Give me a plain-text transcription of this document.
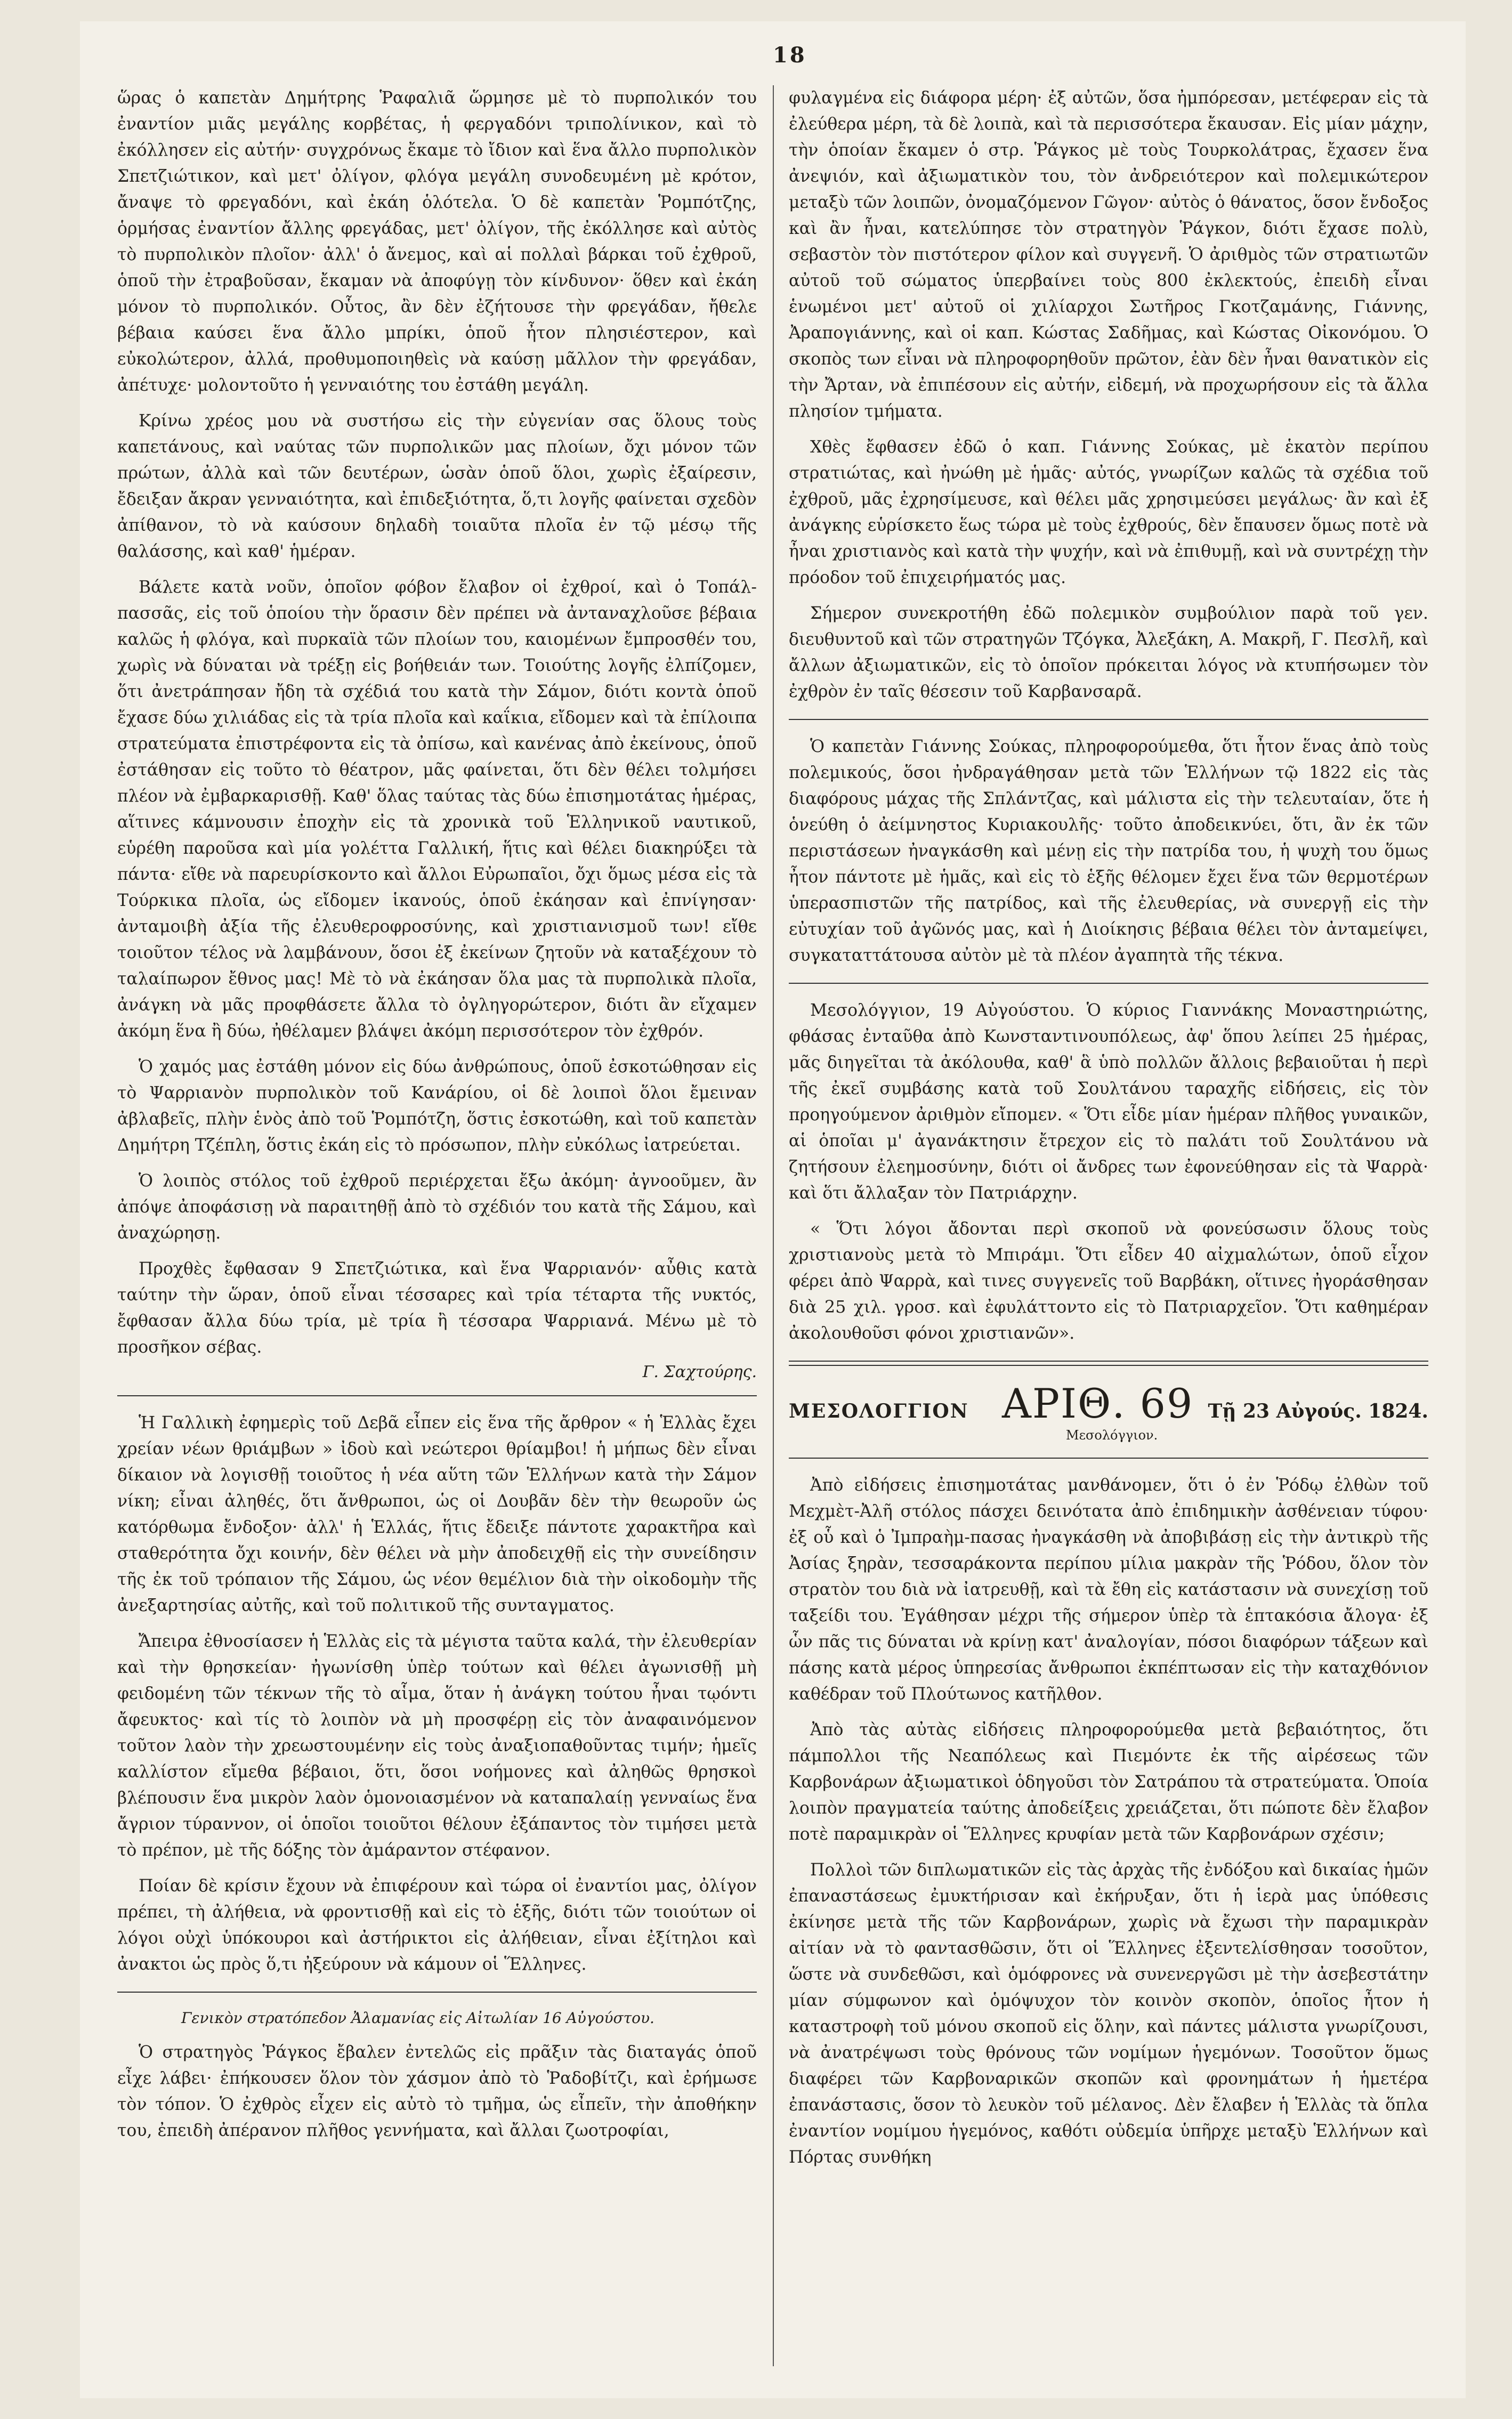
18

ὥρας ὁ καπετὰν Δημήτρης Ῥαφαλιᾶ ὥρμησε μὲ τὸ πυρπολικόν του ἐναντίον μιᾶς μεγάλης κορβέτας, ἡ φεργαδόνι τριπολίνικον, καὶ τὸ ἐκόλλησεν εἰς αὐτήν· συγχρόνως ἔκαμε τὸ ἴδιον καὶ ἕνα ἄλλο πυρπολικὸν Σπετζιώτικον, καὶ μετ' ὀλίγον, φλόγα μεγάλη συνοδευμένη μὲ κρότον, ἄναψε τὸ φρεγαδόνι, καὶ ἐκάη ὁλότελα. Ὁ δὲ καπετὰν Ῥομπότζης, ὁρμήσας ἐναντίον ἄλλης φρεγάδας, μετ' ὀλίγον, τῆς ἐκόλλησε καὶ αὐτὸς τὸ πυρπολικὸν πλοῖον· ἀλλ' ὁ ἄνεμος, καὶ αἱ πολλαὶ βάρκαι τοῦ ἐχθροῦ, ὁποῦ τὴν ἐτραβοῦσαν, ἔκαμαν νὰ ἀποφύγῃ τὸν κίνδυνον· ὅθεν καὶ ἐκάη μόνον τὸ πυρπολικόν. Οὗτος, ἂν δὲν ἐζήτουσε τὴν φρεγάδαν, ἤθελε βέβαια καύσει ἕνα ἄλλο μπρίκι, ὁποῦ ἦτον πλησιέστερον, καὶ εὐκολώτερον, ἀλλά, προθυμοποιηθεὶς νὰ καύσῃ μᾶλλον τὴν φρεγάδαν, ἀπέτυχε· μολοντοῦτο ἡ γενναιότης του ἐστάθη μεγάλη.

Κρίνω χρέος μου νὰ συστήσω εἰς τὴν εὐγενίαν σας ὅλους τοὺς καπετάνους, καὶ ναύτας τῶν πυρπολικῶν μας πλοίων, ὄχι μόνον τῶν πρώτων, ἀλλὰ καὶ τῶν δευτέρων, ὡσὰν ὁποῦ ὅλοι, χωρὶς ἐξαίρεσιν, ἔδειξαν ἄκραν γενναιότητα, καὶ ἐπιδεξιότητα, ὅ,τι λογῆς φαίνεται σχεδὸν ἀπίθανον, τὸ νὰ καύσουν δηλαδὴ τοιαῦτα πλοῖα ἐν τῷ μέσῳ τῆς θαλάσσης, καὶ καθ' ἡμέραν.

Βάλετε κατὰ νοῦν, ὁποῖον φόβον ἔλαβον οἱ ἐχθροί, καὶ ὁ Τοπάλ-πασσᾶς, εἰς τοῦ ὁποίου τὴν ὅρασιν δὲν πρέπει νὰ ἀνταναχλοῦσε βέβαια καλῶς ἡ φλόγα, καὶ πυρκαϊὰ τῶν πλοίων του, καιομένων ἔμπροσθέν του, χωρὶς νὰ δύναται νὰ τρέξῃ εἰς βοήθειάν των. Τοιούτης λογῆς ἐλπίζομεν, ὅτι ἀνετράπησαν ἤδη τὰ σχέδιά του κατὰ τὴν Σάμον, διότι κοντὰ ὁποῦ ἔχασε δύω χιλιάδας εἰς τὰ τρία πλοῖα καὶ καΐκια, εἴδομεν καὶ τὰ ἐπίλοιπα στρατεύματα ἐπιστρέφοντα εἰς τὰ ὀπίσω, καὶ κανένας ἀπὸ ἐκείνους, ὁποῦ ἐστάθησαν εἰς τοῦτο τὸ θέατρον, μᾶς φαίνεται, ὅτι δὲν θέλει τολμήσει πλέον νὰ ἐμβαρκαρισθῇ. Καθ' ὅλας ταύτας τὰς δύω ἐπισημοτάτας ἡμέρας, αἵτινες κάμνουσιν ἐποχὴν εἰς τὰ χρονικὰ τοῦ Ἑλληνικοῦ ναυτικοῦ, εὑρέθη παροῦσα καὶ μία γολέττα Γαλλική, ἥτις καὶ θέλει διακηρύξει τὰ πάντα· εἴθε νὰ παρευρίσκοντο καὶ ἄλλοι Εὐρωπαῖοι, ὄχι ὅμως μέσα εἰς τὰ Τούρκικα πλοῖα, ὡς εἴδομεν ἱκανούς, ὁποῦ ἐκάησαν καὶ ἐπνίγησαν· ἀνταμοιβὴ ἀξία τῆς ἐλευθεροφροσύνης, καὶ χριστιανισμοῦ των! εἴθε τοιοῦτον τέλος νὰ λαμβάνουν, ὅσοι ἐξ ἐκείνων ζητοῦν νὰ καταξέχουν τὸ ταλαίπωρον ἔθνος μας! Μὲ τὸ νὰ ἐκάησαν ὅλα μας τὰ πυρπολικὰ πλοῖα, ἀνάγκη νὰ μᾶς προφθάσετε ἄλλα τὸ ὀγληγορώτερον, διότι ἂν εἴχαμεν ἀκόμη ἕνα ἢ δύω, ἠθέλαμεν βλάψει ἀκόμη περισσότερον τὸν ἐχθρόν.

Ὁ χαμός μας ἐστάθη μόνον εἰς δύω ἀνθρώπους, ὁποῦ ἐσκοτώθησαν εἰς τὸ Ψαρριανὸν πυρπολικὸν τοῦ Κανάρίου, οἱ δὲ λοιποὶ ὅλοι ἔμειναν ἀβλαβεῖς, πλὴν ἑνὸς ἀπὸ τοῦ Ῥομπότζη, ὅστις ἐσκοτώθη, καὶ τοῦ καπετὰν Δημήτρη Τζέπλη, ὅστις ἐκάη εἰς τὸ πρόσωπον, πλὴν εὐκόλως ἰατρεύεται.

Ὁ λοιπὸς στόλος τοῦ ἐχθροῦ περιέρχεται ἔξω ἀκόμη· ἀγνοοῦμεν, ἂν ἀπόψε ἀποφάσισῃ νὰ παραιτηθῇ ἀπὸ τὸ σχέδιόν του κατὰ τῆς Σάμου, καὶ ἀναχώρησῃ.

Προχθὲς ἔφθασαν 9 Σπετζιώτικα, καὶ ἕνα Ψαρριανόν· αὖθις κατὰ ταύτην τὴν ὥραν, ὁποῦ εἶναι τέσσαρες καὶ τρία τέταρτα τῆς νυκτός, ἔφθασαν ἄλλα δύω τρία, μὲ τρία ἢ τέσσαρα Ψαρριανά. Μένω μὲ τὸ προσῆκον σέβας.

Γ. Σαχτούρης.

Ἡ Γαλλικὴ ἐφημερὶς τοῦ Δεβᾶ εἶπεν εἰς ἕνα τῆς ἄρθρον « ἡ Ἑλλὰς ἔχει χρείαν νέων θριάμβων » ἰδοὺ καὶ νεώτεροι θρίαμβοι! ἡ μήπως δὲν εἶναι δίκαιον νὰ λογισθῇ τοιοῦτος ἡ νέα αὕτη τῶν Ἑλλήνων κατὰ τὴν Σάμον νίκη; εἶναι ἀληθές, ὅτι ἄνθρωποι, ὡς οἱ Δουβᾶν δὲν τὴν θεωροῦν ὡς κατόρθωμα ἔνδοξον· ἀλλ' ἡ Ἑλλάς, ἥτις ἔδειξε πάντοτε χαρακτῆρα καὶ σταθερότητα ὄχι κοινήν, δὲν θέλει νὰ μὴν ἀποδειχθῇ εἰς τὴν συνείδησιν τῆς ἐκ τοῦ τρόπαιον τῆς Σάμου, ὡς νέον θεμέλιον διὰ τὴν οἰκοδομὴν τῆς ἀνεξαρτησίας αὐτῆς, καὶ τοῦ πολιτικοῦ τῆς συνταγματος.

Ἄπειρα ἐθνοσίασεν ἡ Ἑλλὰς εἰς τὰ μέγιστα ταῦτα καλά, τὴν ἐλευθερίαν καὶ τὴν θρησκείαν· ἠγωνίσθη ὑπὲρ τούτων καὶ θέλει ἀγωνισθῇ μὴ φειδομένη τῶν τέκνων τῆς τὸ αἷμα, ὅταν ἡ ἀνάγκη τούτου ἦναι τῳόντι ἄφευκτος· καὶ τίς τὸ λοιπὸν νὰ μὴ προσφέρῃ εἰς τὸν ἀναφαινόμενον τοῦτον λαὸν τὴν χρεωστουμένην εἰς τοὺς ἀναξιοπαθοῦντας τιμήν; ἡμεῖς καλλίστον εἴμεθα βέβαιοι, ὅτι, ὅσοι νοήμονες καὶ ἀληθῶς θρησκοὶ βλέπουσιν ἕνα μικρὸν λαὸν ὁμονοιασμένον νὰ καταπαλαίῃ γενναίως ἕνα ἄγριον τύραννον, οἱ ὁποῖοι τοιοῦτοι θέλουν ἐξάπαντος τὸν τιμήσει μετὰ τὸ πρέπον, μὲ τῆς δόξης τὸν ἀμάραντον στέφανον.

Ποίαν δὲ κρίσιν ἔχουν νὰ ἐπιφέρουν καὶ τώρα οἱ ἐναντίοι μας, ὀλίγον πρέπει, τὴ ἀλήθεια, νὰ φροντισθῇ καὶ εἰς τὸ ἑξῆς, διότι τῶν τοιούτων οἱ λόγοι οὐχὶ ὑπόκουροι καὶ ἀστήρικτοι εἰς ἀλήθειαν, εἶναι ἐξίτηλοι καὶ ἀνακτοι ὡς πρὸς ὅ,τι ἠξεύρουν νὰ κάμουν οἱ Ἕλληνες.

Γενικὸν στρατόπεδον Ἀλαμανίας εἰς Αἰτωλίαν 16 Αὐγούστου.

Ὁ στρατηγὸς Ῥάγκος ἔβαλεν ἐντελῶς εἰς πρᾶξιν τὰς διαταγάς ὁποῦ εἶχε λάβει· ἐπήκουσεν ὅλον τὸν χάσμον ἀπὸ τὸ Ῥαδοβίτζι, καὶ ἐρήμωσε τὸν τόπον. Ὁ ἐχθρὸς εἶχεν εἰς αὐτὸ τὸ τμῆμα, ὡς εἶπεῖν, τὴν ἀποθήκην του, ἐπειδὴ ἀπέρανον πλῆθος γεννήματα, καὶ ἄλλαι ζωοτροφίαι,

φυλαγμένα εἰς διάφορα μέρη· ἐξ αὐτῶν, ὅσα ἠμπόρεσαν, μετέφεραν εἰς τὰ ἐλεύθερα μέρη, τὰ δὲ λοιπὰ, καὶ τὰ περισσότερα ἔκαυσαν. Εἰς μίαν μάχην, τὴν ὁποίαν ἔκαμεν ὁ στρ. Ῥάγκος μὲ τοὺς Τουρκολάτρας, ἔχασεν ἕνα ἀνεψιόν, καὶ ἀξιωματικὸν του, τὸν ἀνδρειότερον καὶ πολεμικώτερον μεταξὺ τῶν λοιπῶν, ὀνομαζόμενον Γῶγον· αὐτὸς ὁ θάνατος, ὅσον ἔνδοξος καὶ ἂν ἦναι, κατελύπησε τὸν στρατηγὸν Ῥάγκον, διότι ἔχασε πολὺ, σεβαστὸν τὸν πιστότερον φίλον καὶ συγγενῆ. Ὁ ἀριθμὸς τῶν στρατιωτῶν αὐτοῦ τοῦ σώματος ὑπερβαίνει τοὺς 800 ἐκλεκτούς, ἐπειδὴ εἶναι ἑνωμένοι μετ' αὐτοῦ οἱ χιλίαρχοι Σωτῆρος Γκοτζαμάνης, Γιάννης, Ἀραπογιάννης, καὶ οἱ καπ. Κώστας Σαδῆμας, καὶ Κώστας Οἰκονόμου. Ὁ σκοπὸς των εἶναι νὰ πληροφορηθοῦν πρῶτον, ἐὰν δὲν ἦναι θανατικὸν εἰς τὴν Ἄρταν, νὰ ἐπιπέσουν εἰς αὐτήν, εἰδεμή, νὰ προχωρήσουν εἰς τὰ ἄλλα πλησίον τμήματα.

Χθὲς ἔφθασεν ἐδῶ ὁ καπ. Γιάννης Σούκας, μὲ ἑκατὸν περίπου στρατιώτας, καὶ ἠνώθη μὲ ἡμᾶς· αὐτός, γνωρίζων καλῶς τὰ σχέδια τοῦ ἐχθροῦ, μᾶς ἐχρησίμευσε, καὶ θέλει μᾶς χρησιμεύσει μεγάλως· ἂν καὶ ἐξ ἀνάγκης εὑρίσκετο ἕως τώρα μὲ τοὺς ἐχθρούς, δὲν ἔπαυσεν ὅμως ποτὲ νὰ ἦναι χριστιανὸς καὶ κατὰ τὴν ψυχήν, καὶ νὰ ἐπιθυμῇ, καὶ νὰ συντρέχῃ τὴν πρόοδον τοῦ ἐπιχειρήματός μας.

Σήμερον συνεκροτήθη ἐδῶ πολεμικὸν συμβούλιον παρὰ τοῦ γεν. διευθυντοῦ καὶ τῶν στρατηγῶν Τζόγκα, Ἀλεξάκη, Α. Μακρῆ, Γ. Πεσλῆ, καὶ ἄλλων ἀξιωματικῶν, εἰς τὸ ὁποῖον πρόκειται λόγος νὰ κτυπήσωμεν τὸν ἐχθρὸν ἐν ταῖς θέσεσιν τοῦ Καρβανσαρᾶ.

Ὁ καπετὰν Γιάννης Σούκας, πληροφορούμεθα, ὅτι ἦτον ἕνας ἀπὸ τοὺς πολεμικούς, ὅσοι ἠνδραγάθησαν μετὰ τῶν Ἑλλήνων τῷ 1822 εἰς τὰς διαφόρους μάχας τῆς Σπλάντζας, καὶ μάλιστα εἰς τὴν τελευταίαν, ὅτε ἡ ὁνεύθη ὁ ἀείμνηστος Κυριακουλῆς· τοῦτο ἀποδεικνύει, ὅτι, ἂν ἐκ τῶν περιστάσεων ἠναγκάσθη καὶ μένῃ εἰς τὴν πατρίδα του, ἡ ψυχὴ του ὅμως ἦτον πάντοτε μὲ ἡμᾶς, καὶ εἰς τὸ ἑξῆς θέλομεν ἔχει ἕνα τῶν θερμοτέρων ὑπερασπιστῶν τῆς πατρίδος, καὶ τῆς ἐλευθερίας, νὰ συνεργῇ εἰς τὴν εὐτυχίαν τοῦ ἀγῶνός μας, καὶ ἡ Διοίκησις βέβαια θέλει τὸν ἀνταμείψει, συγκαταττάτουσα αὐτὸν μὲ τὰ πλέον ἀγαπητὰ τῆς τέκνα.

Μεσολόγγιον, 19 Αὐγούστου. Ὁ κύριος Γιαννάκης Μοναστηριώτης, φθάσας ἐνταῦθα ἀπὸ Κωνσταντινουπόλεως, ἀφ' ὅπου λείπει 25 ἡμέρας, μᾶς διηγεῖται τὰ ἀκόλουθα, καθ' ἃ ὑπὸ πολλῶν ἄλλοις βεβαιοῦται ἡ περὶ τῆς ἐκεῖ συμβάσης κατὰ τοῦ Σουλτάνου ταραχῆς εἰδήσεις, εἰς τὸν προηγούμενον ἀριθμὸν εἴπομεν. « Ὅτι εἶδε μίαν ἡμέραν πλῆθος γυναικῶν, αἱ ὁποῖαι μ' ἀγανάκτησιν ἔτρεχον εἰς τὸ παλάτι τοῦ Σουλτάνου νὰ ζητήσουν ἐλεημοσύνην, διότι οἱ ἄνδρες των ἐφονεύθησαν εἰς τὰ Ψαρρὰ· καὶ ὅτι ἄλλαξαν τὸν Πατριάρχην.

« Ὅτι λόγοι ἄδονται περὶ σκοποῦ νὰ φονεύσωσιν ὅλους τοὺς χριστιανοὺς μετὰ τὸ Μπιράμι. Ὅτι εἶδεν 40 αἰχμαλώτων, ὁποῦ εἶχον φέρει ἀπὸ Ψαρρὰ, καὶ τινες συγγενεῖς τοῦ Βαρβάκη, οἵτινες ἠγοράσθησαν διὰ 25 χιλ. γροσ. καὶ ἐφυλάττοντο εἰς τὸ Πατριαρχεῖον. Ὅτι καθημέραν ἀκολουθοῦσι φόνοι χριστιανῶν».

ΜΕΣΟΛΟΓΓΙΟΝ ΑΡΙΘ. 69 Τῇ 23 Αὐγούς. 1824.
Μεσολόγγιον.

Ἀπὸ εἰδήσεις ἐπισημοτάτας μανθάνομεν, ὅτι ὁ ἐν Ῥόδῳ ἐλθὼν τοῦ Μεχμὲτ-Ἀλῆ στόλος πάσχει δεινότατα ἀπὸ ἐπιδημικὴν ἀσθένειαν τύφου· ἐξ οὗ καὶ ὁ Ἰμπραὴμ-πασας ἠναγκάσθη νὰ ἀποβιβάσῃ εἰς τὴν ἀντικρὺ τῆς Ἀσίας ξηρὰν, τεσσαράκοντα περίπου μίλια μακρὰν τῆς Ῥόδου, ὅλον τὸν στρατὸν του διὰ νὰ ἰατρευθῇ, καὶ τὰ ἔθη εἰς κατάστασιν νὰ συνεχίσῃ τοῦ ταξείδι του. Ἐγάθησαν μέχρι τῆς σήμερον ὑπὲρ τὰ ἑπτακόσια ἄλογα· ἐξ ὧν πᾶς τις δύναται νὰ κρίνῃ κατ' ἀναλογίαν, πόσοι διαφόρων τάξεων καὶ πάσης κατὰ μέρος ὑπηρεσίας ἄνθρωποι ἐκπέπτωσαν εἰς τὴν καταχθόνιον καθέδραν τοῦ Πλούτωνος κατῆλθον.

Ἀπὸ τὰς αὐτὰς εἰδήσεις πληροφορούμεθα μετὰ βεβαιότητος, ὅτι πάμπολλοι τῆς Νεαπόλεως καὶ Πιεμόντε ἐκ τῆς αἱρέσεως τῶν Καρβονάρων ἀξιωματικοὶ ὁδηγοῦσι τὸν Σατράπου τὰ στρατεύματα. Ὁποία λοιπὸν πραγματεία ταύτης ἀποδείξεις χρειάζεται, ὅτι πώποτε δὲν ἔλαβον ποτὲ παραμικρὰν οἱ Ἕλληνες κρυφίαν μετὰ τῶν Καρβονάρων σχέσιν;

Πολλοὶ τῶν διπλωματικῶν εἰς τὰς ἀρχὰς τῆς ἐνδόξου καὶ δικαίας ἡμῶν ἐπαναστάσεως ἐμυκτήρισαν καὶ ἐκήρυξαν, ὅτι ἡ ἱερὰ μας ὑπόθεσις ἐκίνησε μετὰ τῆς τῶν Καρβονάρων, χωρὶς νὰ ἔχωσι τὴν παραμικρὰν αἰτίαν νὰ τὸ φαντασθῶσιν, ὅτι οἱ Ἕλληνες ἐξεντελίσθησαν τοσοῦτον, ὥστε νὰ συνδεθῶσι, καὶ ὁμόφρονες νὰ συνενεργῶσι μὲ τὴν ἀσεβεστάτην μίαν σύμφωνον καὶ ὁμόψυχον τὸν κοινὸν σκοπὸν, ὁποῖος ἦτον ἡ καταστροφὴ τοῦ μόνου σκοποῦ εἰς ὅλην, καὶ πάντες μάλιστα γνωρίζουσι, νὰ ἀνατρέψωσι τοὺς θρόνους τῶν νομίμων ἡγεμόνων. Τοσοῦτον ὅμως διαφέρει τῶν Καρβοναρικῶν σκοπῶν καὶ φρονημάτων ἡ ἡμετέρα ἐπανάστασις, ὅσον τὸ λευκὸν τοῦ μέλανος. Δὲν ἔλαβεν ἡ Ἑλλὰς τὰ ὅπλα ἐναντίον νομίμου ἡγεμόνος, καθότι οὐδεμία ὑπῆρχε μεταξὺ Ἑλλήνων καὶ Πόρτας συνθήκη
